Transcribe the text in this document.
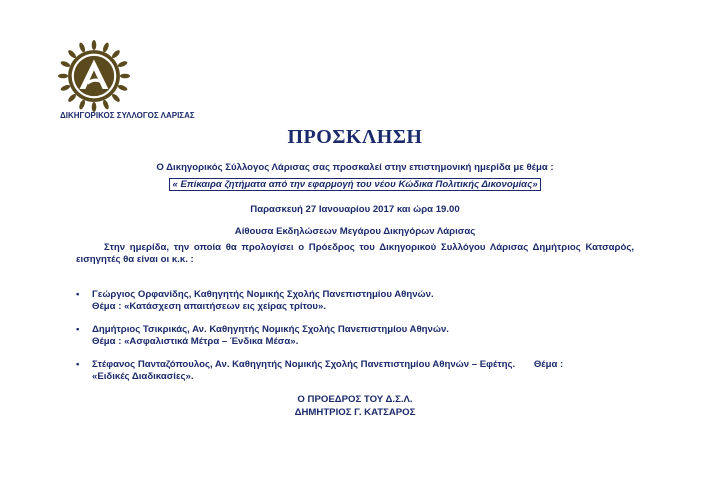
ΔΙΚΗΓΟΡΙΚΟΣ ΣΥΛΛΟΓΟΣ ΛΑΡΙΣΑΣ
ΠΡΟΣΚΛΗΣΗ
Ο Δικηγορικός Σύλλογος Λάρισας σας προσκαλεί στην επιστημονική ημερίδα με θέμα :
« Επίκαιρα ζητήματα από την εφαρμογή του νέου Κώδικα Πολιτικής Δικονομίας»
Παρασκευή 27 Ιανουαρίου 2017 και ώρα 19.00
Αίθουσα Εκδηλώσεων Μεγάρου Δικηγόρων Λάρισας
Στην ημερίδα, την οποία θα προλογίσει ο Πρόεδρος του Δικηγορικού Συλλόγου Λάρισας Δημήτριος Κατσαρός, εισηγητές θα είναι οι κ.κ. :
• Γεώργιος Ορφανίδης, Καθηγητής Νομικής Σχολής Πανεπιστημίου Αθηνών.
Θέμα : «Κατάσχεση απαιτήσεων εις χείρας τρίτου».
• Δημήτριος Τσικρικάς, Αν. Καθηγητής Νομικής Σχολής Πανεπιστημίου Αθηνών.
Θέμα : «Ασφαλιστικά Μέτρα – Ένδικα Μέσα».
• Στέφανος Πανταζόπουλος, Αν. Καθηγητής Νομικής Σχολής Πανεπιστημίου Αθηνών – Εφέτης.       Θέμα :
«Ειδικές Διαδικασίες».
Ο ΠΡΟΕΔΡΟΣ ΤΟΥ Δ.Σ.Λ.
ΔΗΜΗΤΡΙΟΣ Γ. ΚΑΤΣΑΡΟΣ
